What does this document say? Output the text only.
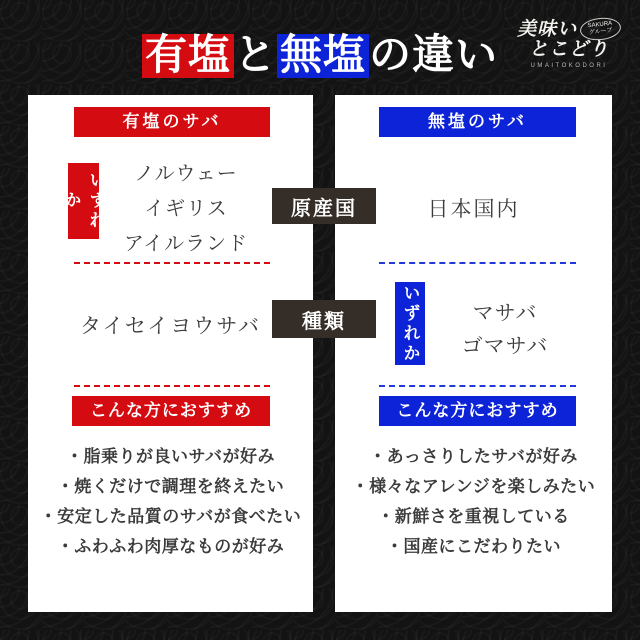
有塩と無塩の違い
美味い	SAKURA
グループ
とこどり
UMAITOKODORI
有塩のサバ
いずれか
ノルウェー
イギリス
アイルランド
タイセイヨウサバ
こんな方におすすめ
・脂乗りが良いサバが好み
・焼くだけで調理を終えたい
・安定した品質のサバが食べたい
・ふわふわ肉厚なものが好み
無塩のサバ
日本国内
いずれか	マサバ
ゴマサバ
こんな方におすすめ
・あっさりしたサバが好み
・様々なアレンジを楽しみたい
・新鮮さを重視している
・国産にこだわりたい
原産国
種類
